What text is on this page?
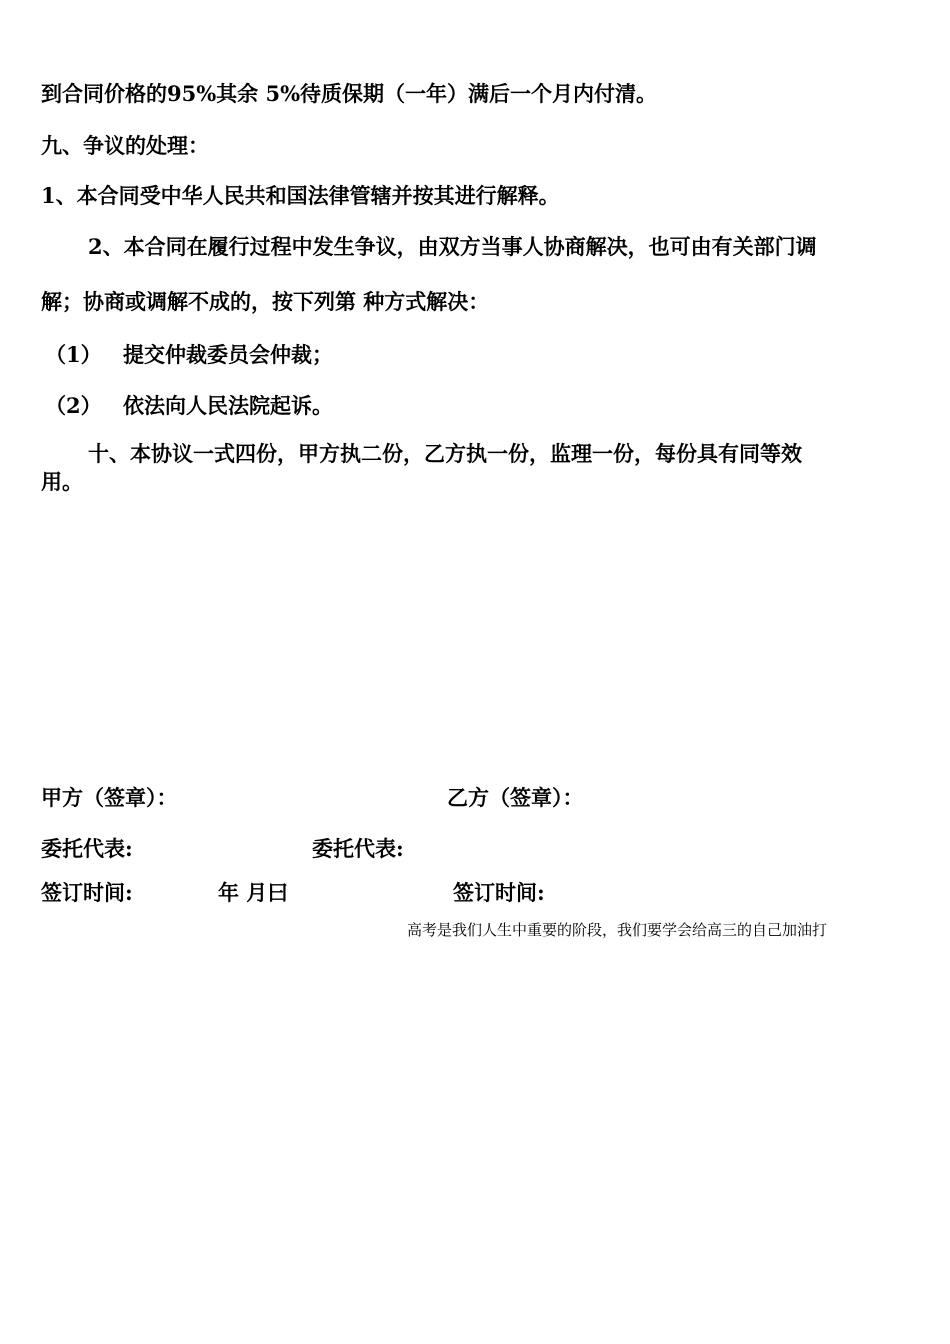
到合同价格的95%其余 5%待质保期（一年）满后一个月内付清。
九、争议的处理：
1、本合同受中华人民共和国法律管辖并按其进行解释。
2、本合同在履行过程中发生争议，由双方当事人协商解决，也可由有关部门调
解；协商或调解不成的，按下列第 种方式解决：
（1） 提交仲裁委员会仲裁；
（2） 依法向人民法院起诉。
十、本协议一式四份，甲方执二份，乙方执一份，监理一份，每份具有同等效
用。
甲方（签章）：	乙方（签章）：
委托代表:	委托代表:
签订时间:	年 月曰	签订时间:
高考是我们人生中重要的阶段，我们要学会给高三的自己加油打
